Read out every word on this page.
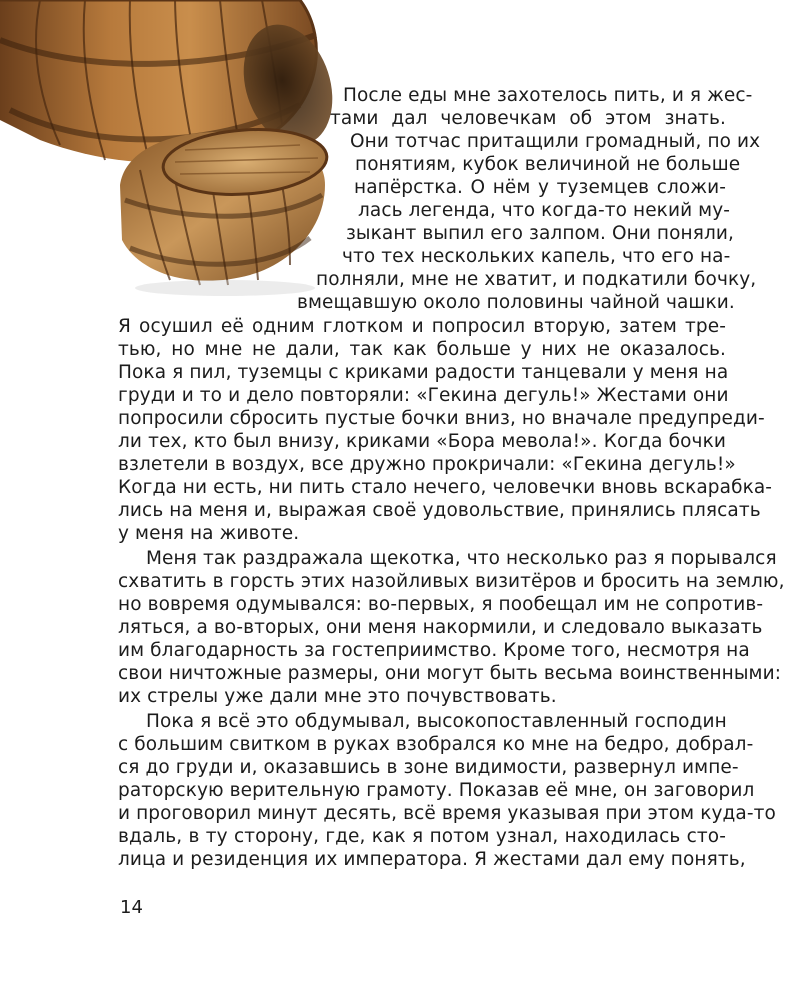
После еды мне захотелось пить, и я жес-
тами дал человечкам об этом знать.
Они тотчас притащили громадный, по их
понятиям, кубок величиной не больше
напёрстка. О нём у туземцев сложи-
лась легенда, что когда-то некий му-
зыкант выпил его залпом. Они поняли,
что тех нескольких капель, что его на-
полняли, мне не хватит, и подкатили бочку,
вмещавшую около половины чайной чашки.
Я осушил её одним глотком и попросил вторую, затем тре-
тью, но мне не дали, так как больше у них не оказалось.
Пока я пил, туземцы с криками радости танцевали у меня на
груди и то и дело повторяли: «Гекина дегуль!» Жестами они
попросили сбросить пустые бочки вниз, но вначале предупреди-
ли тех, кто был внизу, криками «Бора мевола!». Когда бочки
взлетели в воздух, все дружно прокричали: «Гекина дегуль!»
Когда ни есть, ни пить стало нечего, человечки вновь вскарабка-
лись на меня и, выражая своё удовольствие, принялись плясать
у меня на животе.
Меня так раздражала щекотка, что несколько раз я порывался
схватить в горсть этих назойливых визитёров и бросить на землю,
но вовремя одумывался: во-первых, я пообещал им не сопротив-
ляться, а во-вторых, они меня накормили, и следовало выказать
им благодарность за гостеприимство. Кроме того, несмотря на
свои ничтожные размеры, они могут быть весьма воинственными:
их стрелы уже дали мне это почувствовать.
Пока я всё это обдумывал, высокопоставленный господин
с большим свитком в руках взобрался ко мне на бедро, добрал-
ся до груди и, оказавшись в зоне видимости, развернул импе-
раторскую верительную грамоту. Показав её мне, он заговорил
и проговорил минут десять, всё время указывая при этом куда-то
вдаль, в ту сторону, где, как я потом узнал, находилась сто-
лица и резиденция их императора. Я жестами дал ему понять,
14
